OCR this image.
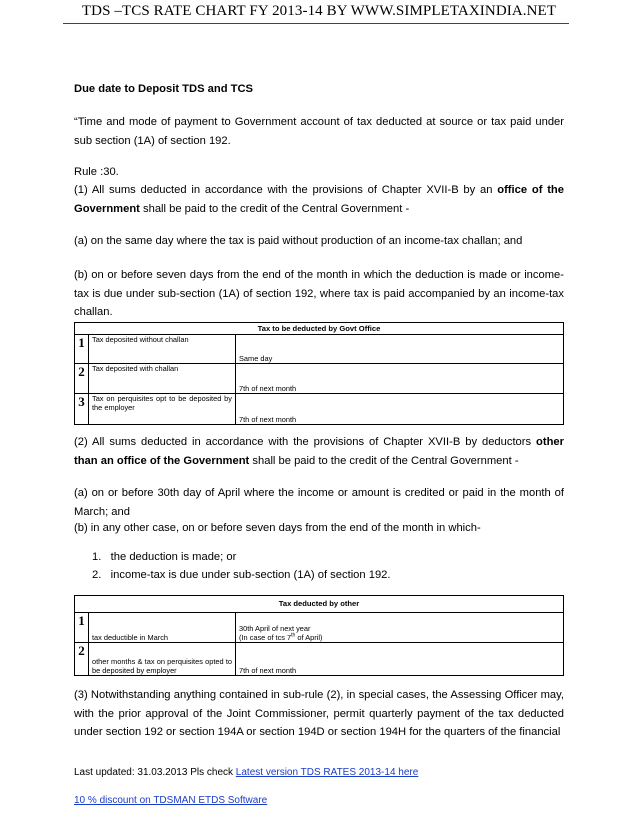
TDS –TCS RATE CHART FY 2013-14 BY WWW.SIMPLETAXINDIA.NET
Due date to Deposit TDS and TCS
“Time and mode of payment to Government account of tax deducted at source or tax paid under sub section (1A) of section 192.
Rule :30.
(1) All sums deducted in accordance with the provisions of Chapter XVII-B by an office of the Government shall be paid to the credit of the Central Government -
(a) on the same day where the tax is paid without production of an income-tax challan; and
(b) on or before seven days from the end of the month in which the deduction is made or income-tax is due under sub-section (1A) of section 192, where tax is paid accompanied by an income-tax challan.
Tax to be deducted by Govt Office		
1	Tax deposited without challan	Same day

2	Tax deposited with challan	7th of next month

3	Tax on perquisites opt to be deposited by the employer	7th of next month
(2) All sums deducted in accordance with the provisions of Chapter XVII-B by deductors other than an office of the Government shall be paid to the credit of the Central Government -
(a) on or before 30th day of April where the income or amount is credited or paid in the month of March; and
(b) in any other case, on or before seven days from the end of the month in which-
1. the deduction is made; or
2. income-tax is due under sub-section (1A) of section 192.
Tax deducted by other		
1	tax deductible in March	30th April of next year
(In case of tcs 7th of April)

2	other months & tax on perquisites opted to be deposited by employer	7th of next month
(3) Notwithstanding anything contained in sub-rule (2), in special cases, the Assessing Officer may, with the prior approval of the Joint Commissioner, permit quarterly payment of the tax deducted under section 192 or section 194A or section 194D or section 194H for the quarters of the financial
Last updated: 31.03.2013 Pls check Latest version TDS RATES 2013-14 here
10 % discount on TDSMAN ETDS Software
